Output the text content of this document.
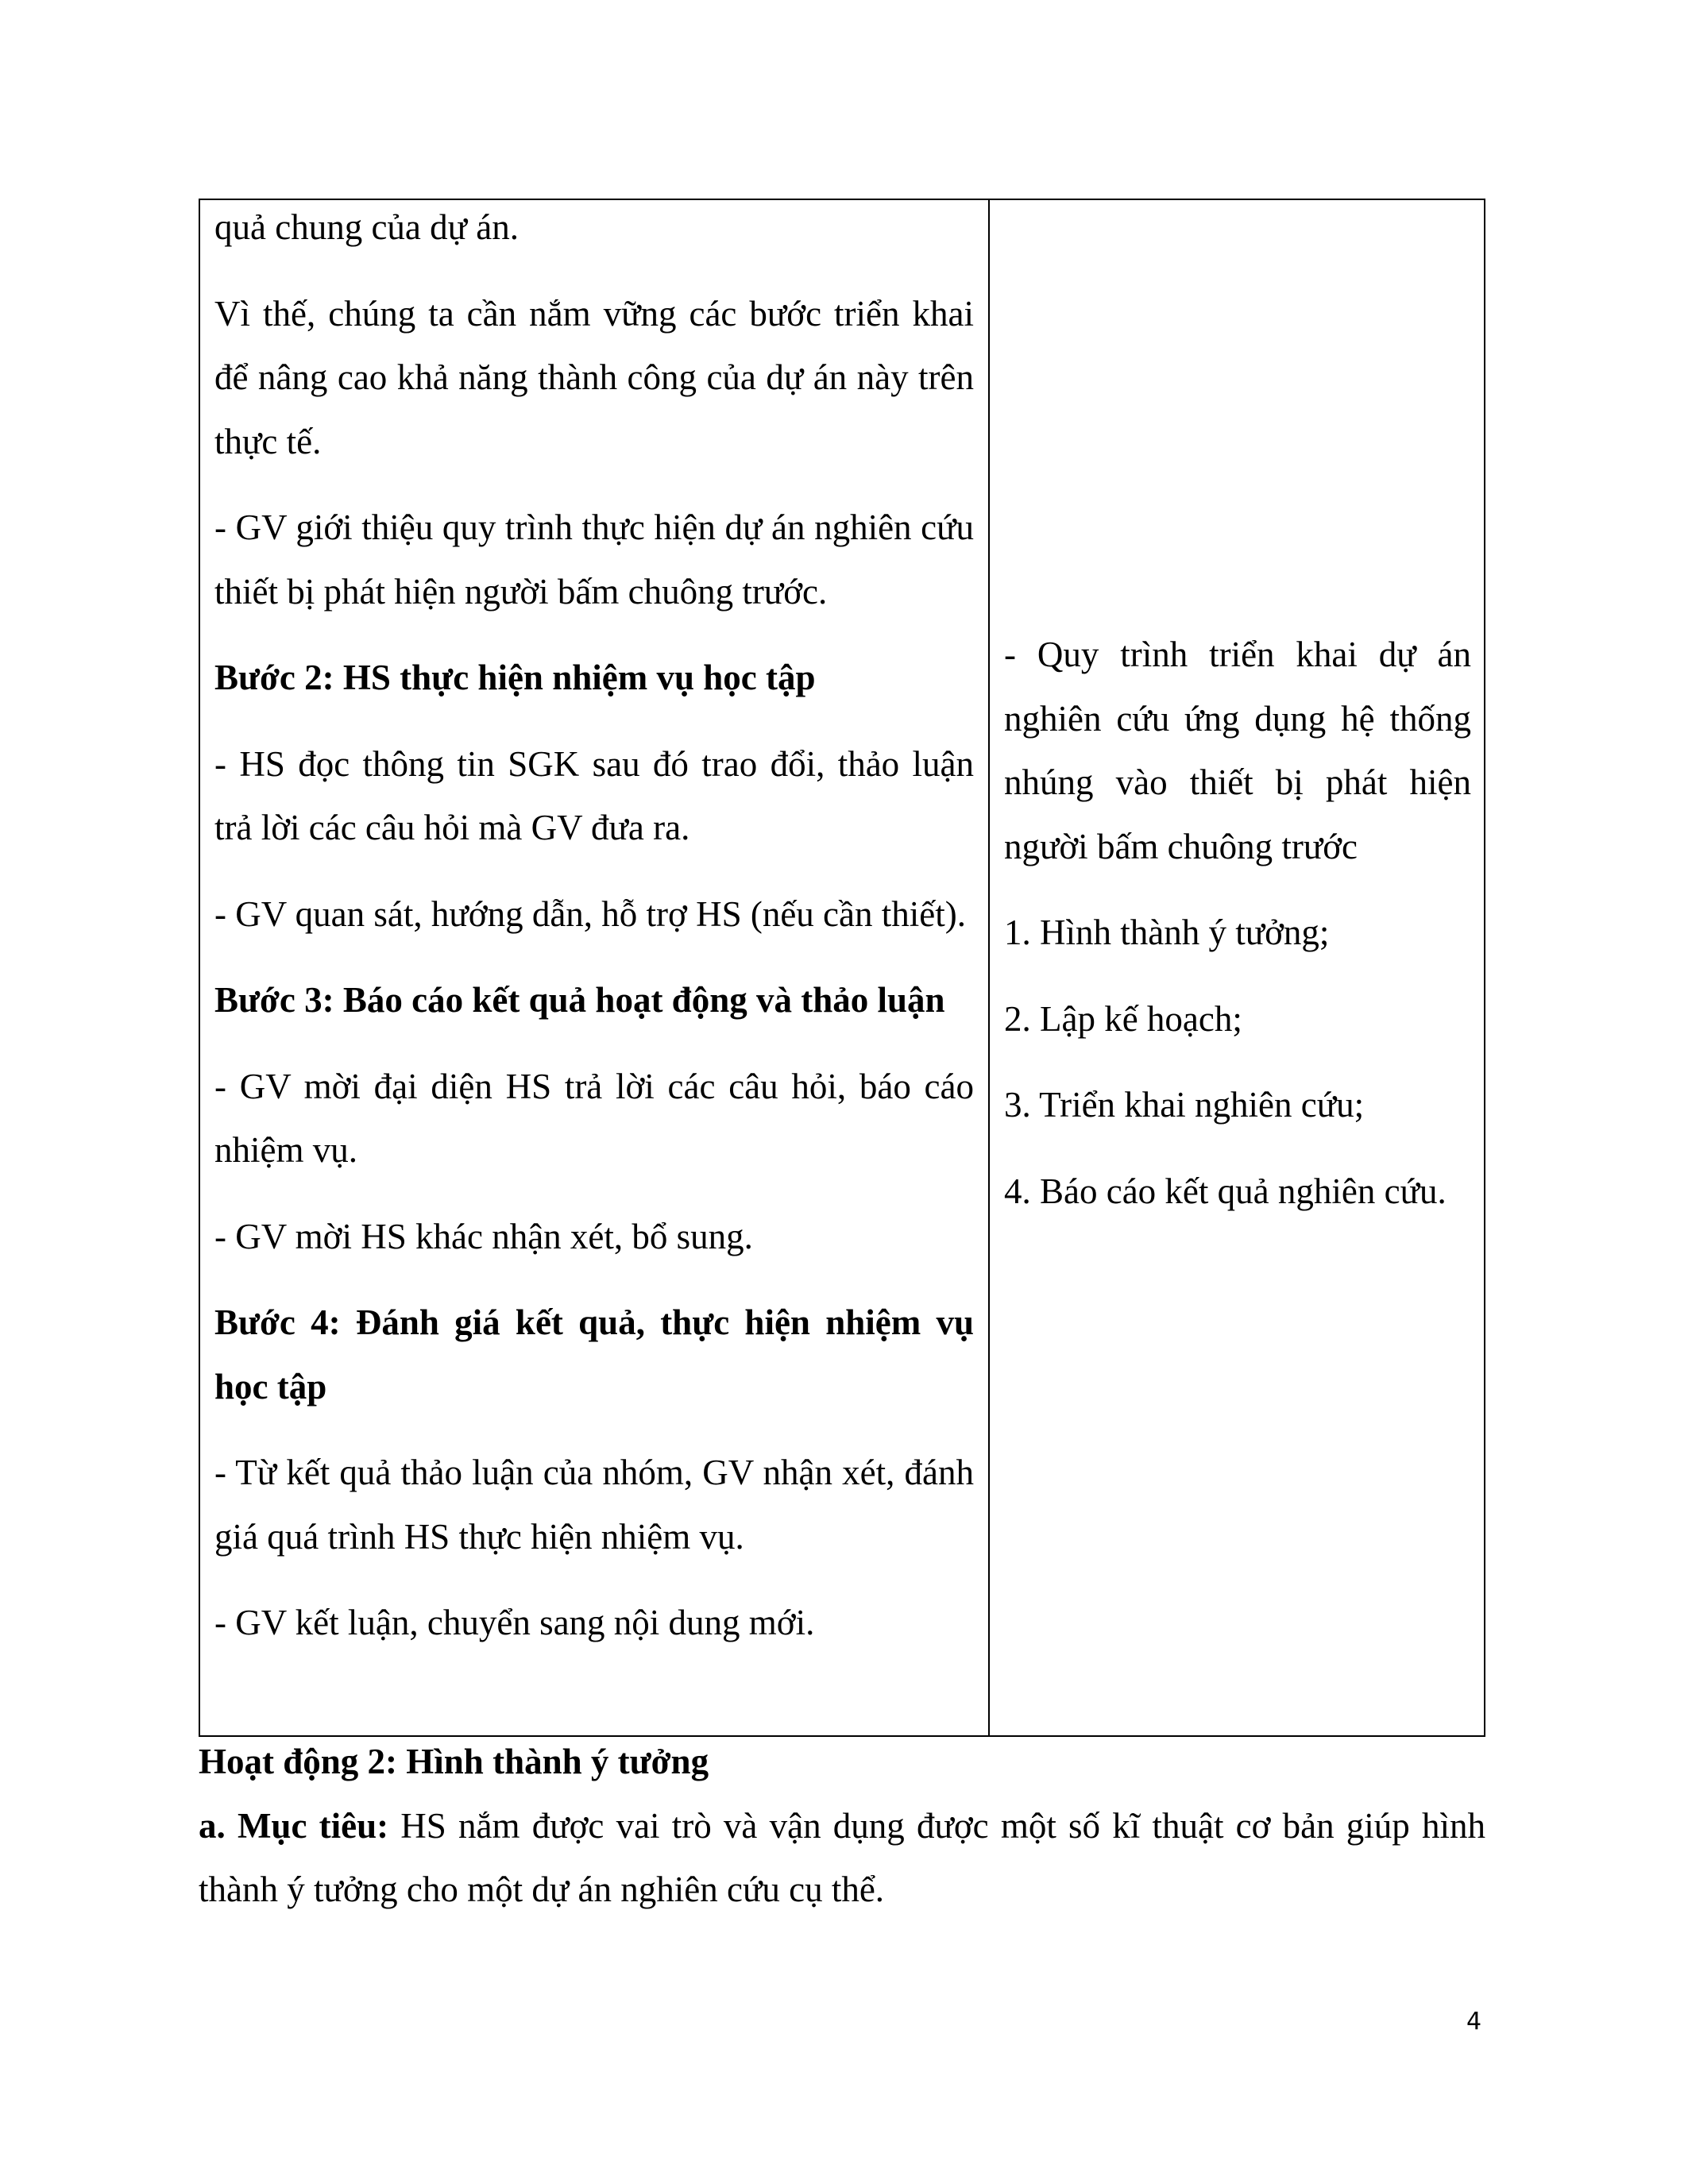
quả chung của dự án.

Vì thế, chúng ta cần nắm vững các bước triển khai để nâng cao khả năng thành công của dự án này trên thực tế.

- GV giới thiệu quy trình thực hiện dự án nghiên cứu thiết bị phát hiện người bấm chuông trước.

Bước 2: HS thực hiện nhiệm vụ học tập

- HS đọc thông tin SGK sau đó trao đổi, thảo luận trả lời các câu hỏi mà GV đưa ra.

- GV quan sát, hướng dẫn, hỗ trợ HS (nếu cần thiết).

Bước 3: Báo cáo kết quả hoạt động và thảo luận

- GV mời đại diện HS trả lời các câu hỏi, báo cáo nhiệm vụ.

- GV mời HS khác nhận xét, bổ sung.

Bước 4: Đánh giá kết quả, thực hiện nhiệm vụ học tập

- Từ kết quả thảo luận của nhóm, GV nhận xét, đánh giá quá trình HS thực hiện nhiệm vụ.

- GV kết luận, chuyển sang nội dung mới.

- Quy trình triển khai dự án nghiên cứu ứng dụng hệ thống nhúng vào thiết bị phát hiện người bấm chuông trước

1. Hình thành ý tưởng;

2. Lập kế hoạch;

3. Triển khai nghiên cứu;

4. Báo cáo kết quả nghiên cứu.

Hoạt động 2: Hình thành ý tưởng

a. Mục tiêu: HS nắm được vai trò và vận dụng được một số kĩ thuật cơ bản giúp hình thành ý tưởng cho một dự án nghiên cứu cụ thể.

4
